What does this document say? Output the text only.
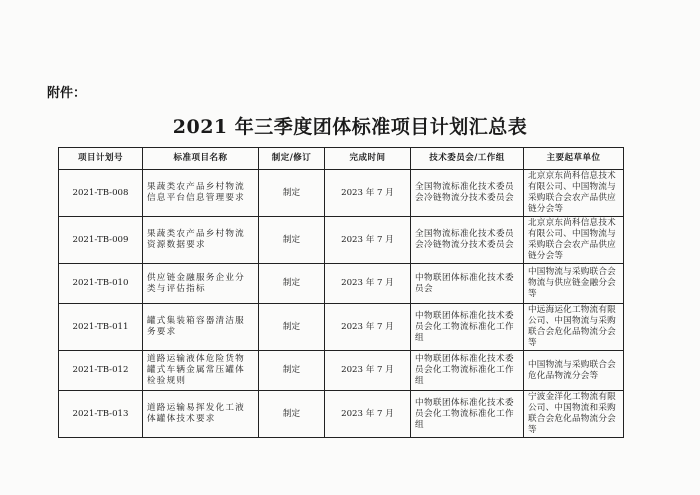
附件：
2021 年三季度团体标准项目计划汇总表
项目计划号	标准项目名称	制定/修订	完成时间	技术委员会/工作组	主要起草单位
2021-TB-008	果蔬类农产品乡村物流信息平台信息管理要求	制定	2023 年 7 月	全国物流标准化技术委员会冷链物流分技术委员会	北京京东尚科信息技术有限公司、中国物流与采购联合会农产品供应链分会等
2021-TB-009	果蔬类农产品乡村物流资源数据要求	制定	2023 年 7 月	全国物流标准化技术委员会冷链物流分技术委员会	北京京东尚科信息技术有限公司、中国物流与采购联合会农产品供应链分会等
2021-TB-010	供应链金融服务企业分类与评估指标	制定	2023 年 7 月	中物联团体标准化技术委员会	中国物流与采购联合会物流与供应链金融分会等
2021-TB-011	罐式集装箱容器清洁服务要求	制定	2023 年 7 月	中物联团体标准化技术委员会化工物流标准化工作组	中远海运化工物流有限公司、中国物流与采购联合会危化品物流分会等
2021-TB-012	道路运输液体危险货物罐式车辆金属常压罐体检验规则	制定	2023 年 7 月	中物联团体标准化技术委员会化工物流标准化工作组	中国物流与采购联合会危化品物流分会等
2021-TB-013	道路运输易挥发化工液体罐体技术要求	制定	2023 年 7 月	中物联团体标准化技术委员会化工物流标准化工作组	宁波金洋化工物流有限公司、中国物流和采购联合会危化品物流分会等
